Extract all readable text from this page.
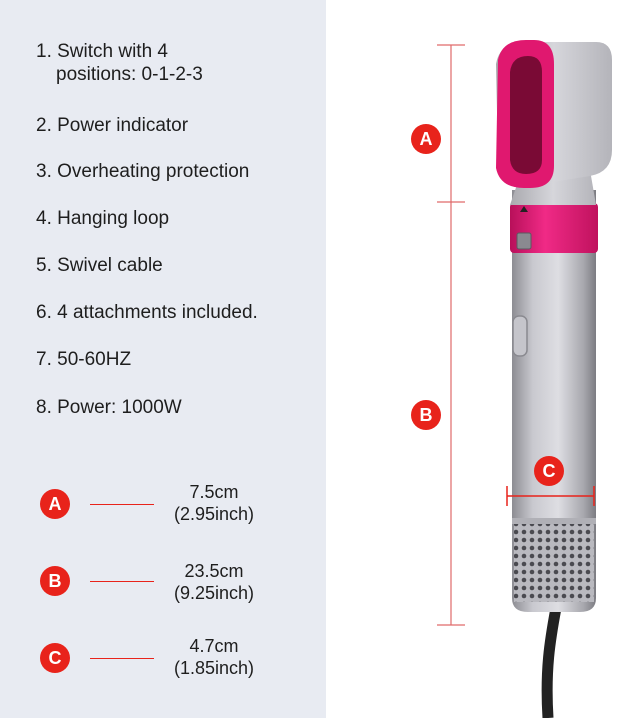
1. Switch with 4
positions: 0-1-2-3
2. Power indicator
3. Overheating protection
4. Hanging loop
5. Swivel cable
6. 4 attachments included.
7. 50-60HZ
8. Power: 1000W
A
7.5cm
(2.95inch)
B	23.5cm
(9.25inch)
C
4.7cm
(1.85inch)
A
B
C
